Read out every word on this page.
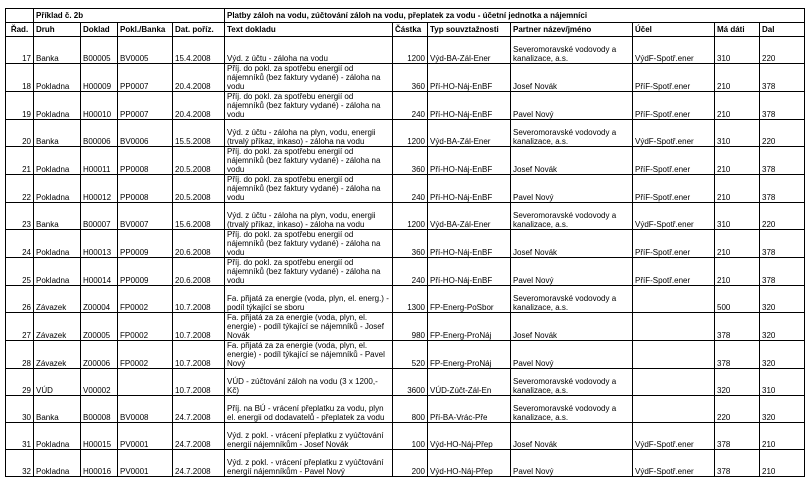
	Příklad č. 2b				Platby záloh na vodu, zúčtování záloh na vodu, přeplatek za vodu - účetní jednotka a nájemníci						
Řad.	Druh	Doklad	Pokl./Banka	Dat. poříz.	Text dokladu	Částka	Typ souvztažnosti	Partner název/jméno	Účel	Má dáti	Dal
17	Banka	B00005	BV0005	15.4.2008	Výd. z účtu - záloha na vodu	1200	Výd-BA-Zál-Ener	Severomoravské vodovody a kanalizace, a.s.	VýdF-Spotř.ener	310	220
18	Pokladna	H00009	PP0007	20.4.2008	Příj. do pokl. za spotřebu energií od nájemníků (bez faktury vydané) - záloha na vodu	360	Pří-HO-Náj-EnBF	Josef Novák	PříF-Spotř.ener	210	378
19	Pokladna	H00010	PP0007	20.4.2008	Příj. do pokl. za spotřebu energií od nájemníků (bez faktury vydané) - záloha na vodu	240	Pří-HO-Náj-EnBF	Pavel Nový	PříF-Spotř.ener	210	378
20	Banka	B00006	BV0006	15.5.2008	Výd. z účtu - záloha na plyn, vodu, energii (trvalý příkaz, inkaso) - záloha na vodu	1200	Výd-BA-Zál-Ener	Severomoravské vodovody a kanalizace, a.s.	VýdF-Spotř.ener	310	220
21	Pokladna	H00011	PP0008	20.5.2008	Příj. do pokl. za spotřebu energií od nájemníků (bez faktury vydané) - záloha na vodu	360	Pří-HO-Náj-EnBF	Josef Novák	PříF-Spotř.ener	210	378
22	Pokladna	H00012	PP0008	20.5.2008	Příj. do pokl. za spotřebu energií od nájemníků (bez faktury vydané) - záloha na vodu	240	Pří-HO-Náj-EnBF	Pavel Nový	PříF-Spotř.ener	210	378
23	Banka	B00007	BV0007	15.6.2008	Výd. z účtu - záloha na plyn, vodu, energii (trvalý příkaz, inkaso) - záloha na vodu	1200	Výd-BA-Zál-Ener	Severomoravské vodovody a kanalizace, a.s.	VýdF-Spotř.ener	310	220
24	Pokladna	H00013	PP0009	20.6.2008	Příj. do pokl. za spotřebu energií od nájemníků (bez faktury vydané) - záloha na vodu	360	Pří-HO-Náj-EnBF	Josef Novák	PříF-Spotř.ener	210	378
25	Pokladna	H00014	PP0009	20.6.2008	Příj. do pokl. za spotřebu energií od nájemníků (bez faktury vydané) - záloha na vodu	240	Pří-HO-Náj-EnBF	Pavel Nový	PříF-Spotř.ener	210	378
26	Závazek	Z00004	FP0002	10.7.2008	Fa. přijatá za energie (voda, plyn, el. energ.) - podíl týkající se sboru	1300	FP-Energ-PoSbor	Severomoravské vodovody a kanalizace, a.s.		500	320
27	Závazek	Z00005	FP0002	10.7.2008	Fa. přijatá za za energie (voda, plyn, el. energie) - podíl týkající se nájemníků - Josef Novák	980	FP-Energ-ProNáj	Josef Novák		378	320
28	Závazek	Z00006	FP0002	10.7.2008	Fa. přijatá za za energie (voda, plyn, el. energie) - podíl týkající se nájemníků - Pavel Nový	520	FP-Energ-ProNáj	Pavel Nový		378	320
29	VÚD	V00002		10.7.2008	VÚD - zúčtování záloh na vodu (3 x 1200,- Kč)	3600	VÚD-Zúčt-Zál-En	Severomoravské vodovody a kanalizace, a.s.		320	310
30	Banka	B00008	BV0008	24.7.2008	Příj. na BÚ - vrácení přeplatku za vodu, plyn el. energii od dodavatelů - přeplatek za vodu	800	Pří-BA-Vrác-Pře	Severomoravské vodovody a kanalizace, a.s.		220	320
31	Pokladna	H00015	PV0001	24.7.2008	Výd. z pokl. - vrácení přeplatku z vyúčtování energií nájemníkům - Josef Novák	100	Výd-HO-Náj-Přep	Josef Novák	VýdF-Spotř.ener	378	210
32	Pokladna	H00016	PV0001	24.7.2008	Výd. z pokl. - vrácení přeplatku z vyúčtování energií nájemníkům - Pavel Nový	200	Výd-HO-Náj-Přep	Pavel Nový	VýdF-Spotř.ener	378	210
